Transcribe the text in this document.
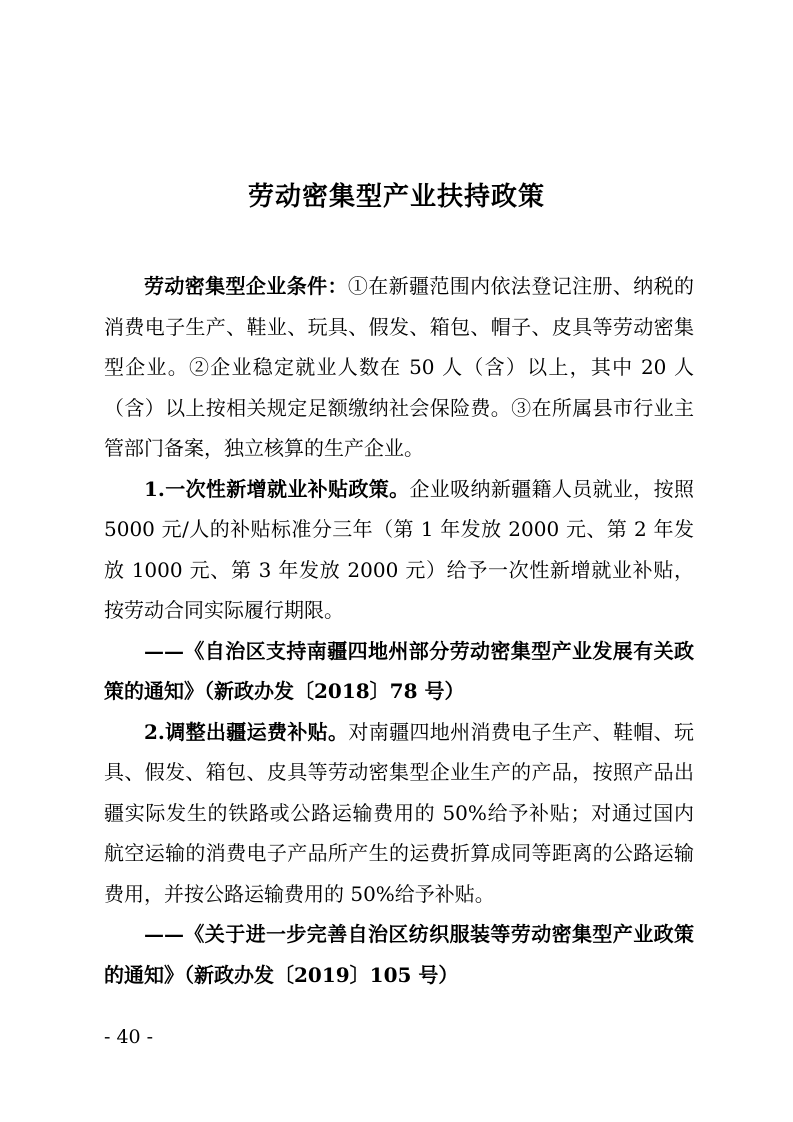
劳动密集型产业扶持政策

劳动密集型企业条件：①在新疆范围内依法登记注册、纳税的消费电子生产、鞋业、玩具、假发、箱包、帽子、皮具等劳动密集型企业。②企业稳定就业人数在 50 人（含）以上，其中 20 人（含）以上按相关规定足额缴纳社会保险费。③在所属县市行业主管部门备案，独立核算的生产企业。

1.一次性新增就业补贴政策。企业吸纳新疆籍人员就业，按照 5000 元/人的补贴标准分三年（第 1 年发放 2000 元、第 2 年发放 1000 元、第 3 年发放 2000 元）给予一次性新增就业补贴，按劳动合同实际履行期限。

——《自治区支持南疆四地州部分劳动密集型产业发展有关政策的通知》（新政办发〔2018〕78 号）

2.调整出疆运费补贴。对南疆四地州消费电子生产、鞋帽、玩具、假发、箱包、皮具等劳动密集型企业生产的产品，按照产品出疆实际发生的铁路或公路运输费用的 50%给予补贴；对通过国内航空运输的消费电子产品所产生的运费折算成同等距离的公路运输费用，并按公路运输费用的 50%给予补贴。

——《关于进一步完善自治区纺织服装等劳动密集型产业政策的通知》（新政办发〔2019〕105 号）

- 40 -
